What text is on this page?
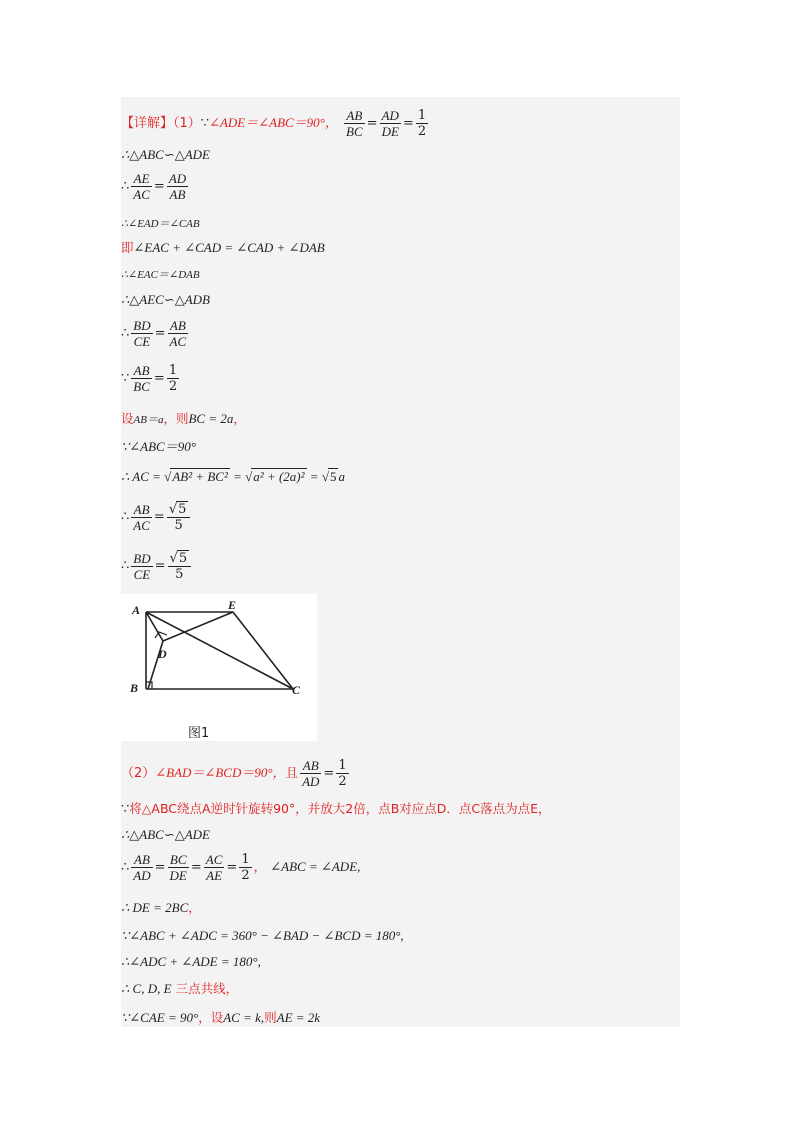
【详解】（1）∵∠ADE＝∠ABC＝90°， $\frac{AB}{BC} = \frac{AD}{DE} = \frac{1}{2}$
∴△ABC∽△ADE
∴ $\frac{AE}{AC} = \frac{AD}{AB}$
∴∠EAD＝∠CAB
即∠EAC + ∠CAD = ∠CAD + ∠DAB
∴∠EAC＝∠DAB
∴△AEC∽△ADB
∴ $\frac{BD}{CE} = \frac{AB}{AC}$
∵ $\frac{AB}{BC} = \frac{1}{2}$
设AB＝a，则BC = 2a，
∵∠ABC＝90°
∴ AC = √AB² + BC² = √a² + (2a)² = √5 a
∴ $\frac{AB}{AC} = \frac{√5}{5}$
∴ $\frac{BD}{CE} = \frac{√5}{5}$
A	E
D
B	C
图1
（2）∠BAD＝∠BCD＝90°，且 $\frac{AB}{AD} = \frac{1}{2}$
∵将△ABC绕点A逆时针旋转90°，并放大2倍，点B对应点D．点C落点为点E，
∴△ABC∽△ADE
∴ $\frac{AB}{AD} = \frac{BC}{DE} = \frac{AC}{AE} = \frac{1}{2}$ ， ∠ABC = ∠ADE,
∴ DE = 2BC，
∵∠ABC + ∠ADC = 360° − ∠BAD − ∠BCD = 180°,
∴∠ADC + ∠ADE = 180°,
∴ C, D, E 三点共线，
∵∠CAE = 90°，设AC = k,则AE = 2k
